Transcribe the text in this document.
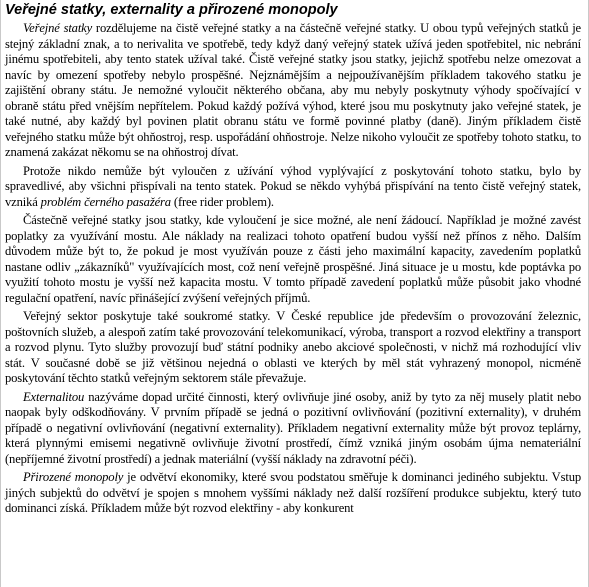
Veřejné statky, externality a přirozené monopoly

Veřejné statky rozdělujeme na čistě veřejné statky a na částečně veřejné statky. U obou typů veřejných statků je stejný základní znak, a to nerivalita ve spotřebě, tedy když daný veřejný statek užívá jeden spotřebitel, nic nebrání jinému spotřebiteli, aby tento statek užíval také. Čistě veřejné statky jsou statky, jejichž spotřebu nelze omezovat a navíc by omezení spotřeby nebylo prospěšné. Nejznámějším a nejpoužívanějším příkladem takového statku je zajištění obrany státu. Je nemožné vyloučit některého občana, aby mu nebyly poskytnuty výhody spočívající v obraně státu před vnějším nepřítelem. Pokud každý požívá výhod, které jsou mu poskytnuty jako veřejné statek, je také nutné, aby každý byl povinen platit obranu státu ve formě povinné platby (daně). Jiným příkladem čistě veřejného statku může být ohňostroj, resp. uspořádání ohňostroje. Nelze nikoho vyloučit ze spotřeby tohoto statku, to znamená zakázat někomu se na ohňostroj dívat.

Protože nikdo nemůže být vyloučen z užívání výhod vyplývající z poskytování tohoto statku, bylo by spravedlivé, aby všichni přispívali na tento statek. Pokud se někdo vyhýbá přispívání na tento čistě veřejný statek, vzniká problém černého pasažéra (free rider problem).

Částečně veřejné statky jsou statky, kde vyloučení je sice možné, ale není žádoucí. Například je možné zavést poplatky za využívání mostu. Ale náklady na realizaci tohoto opatření budou vyšší než přínos z něho. Dalším důvodem může být to, že pokud je most využíván pouze z části jeho maximální kapacity, zavedením poplatků nastane odliv „zákazníků" využívajících most, což není veřejně prospěšné. Jiná situace je u mostu, kde poptávka po využití tohoto mostu je vyšší než kapacita mostu. V tomto případě zavedení poplatků může působit jako vhodné regulační opatření, navíc přinášející zvýšení veřejných příjmů.

Veřejný sektor poskytuje také soukromé statky. V České republice jde především o provozování železnic, poštovních služeb, a alespoň zatím také provozování telekomunikací, výroba, transport a rozvod elektřiny a transport a rozvod plynu. Tyto služby provozují buď státní podniky anebo akciové společnosti, v nichž má rozhodující vliv stát. V současné době se již většinou nejedná o oblasti ve kterých by měl stát vyhrazený monopol, nicméně poskytování těchto statků veřejným sektorem stále převažuje.

Externalitou nazýváme dopad určité činnosti, který ovlivňuje jiné osoby, aniž by tyto za něj musely platit nebo naopak byly odškodňovány. V prvním případě se jedná o pozitivní ovlivňování (pozitivní externality), v druhém případě o negativní ovlivňování (negativní externality). Příkladem negativní externality může být provoz teplárny, která plynnými emisemi negativně ovlivňuje životní prostředí, čímž vzniká jiným osobám újma nemateriální (nepříjemné životní prostředí) a jednak materiální (vyšší náklady na zdravotní péči).

Přirozené monopoly je odvětví ekonomiky, které svou podstatou směřuje k dominanci jediného subjektu. Vstup jiných subjektů do odvětví je spojen s mnohem vyššími náklady než další rozšíření produkce subjektu, který tuto dominanci získá. Příkladem může být rozvod elektřiny - aby konkurent
